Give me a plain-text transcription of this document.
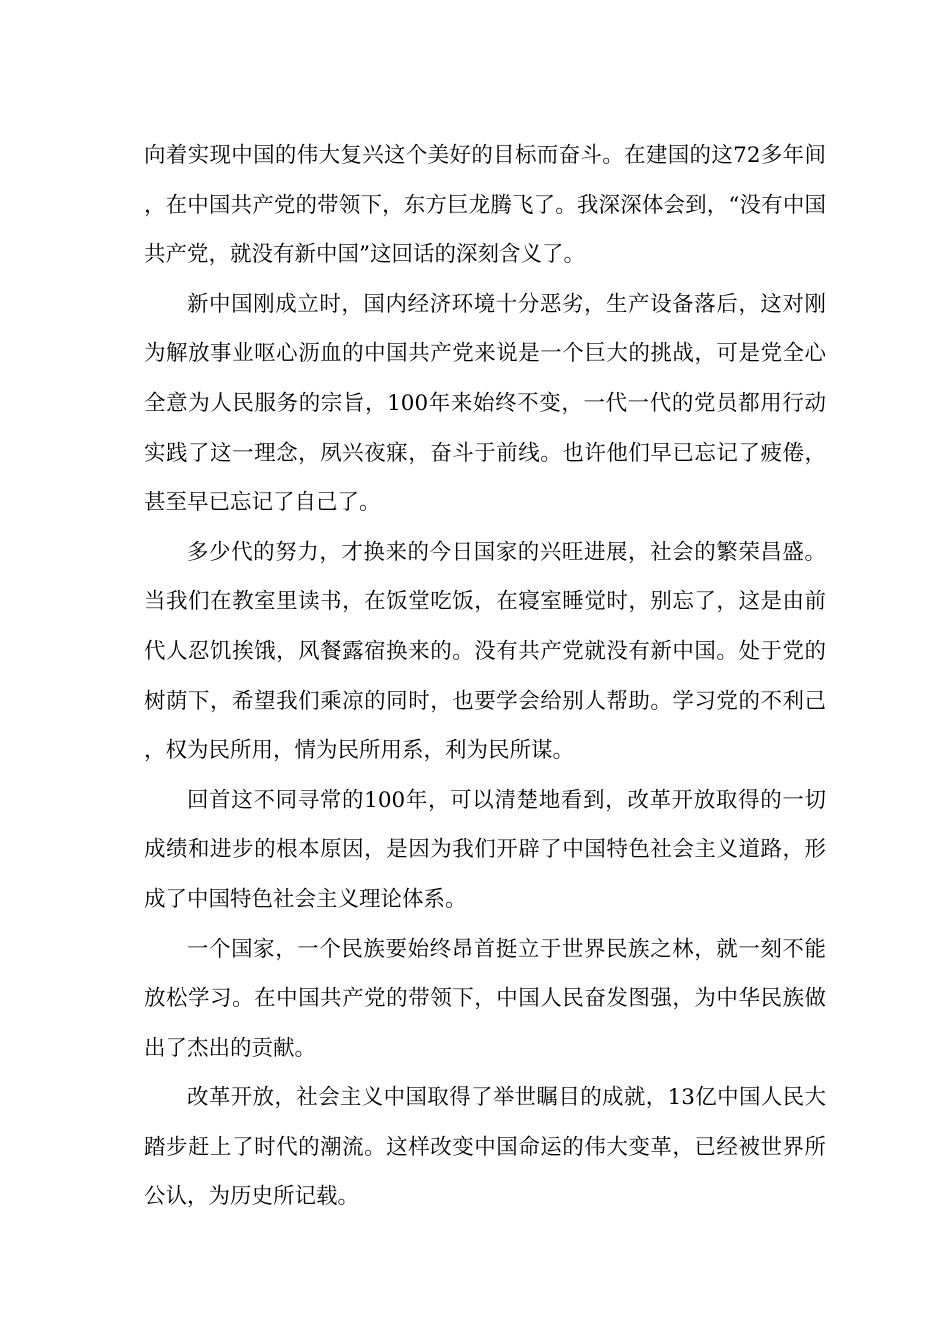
向着实现中国的伟大复兴这个美好的目标而奋斗。在建国的这72多年间，在中国共产党的带领下，东方巨龙腾飞了。我深深体会到，“没有中国共产党，就没有新中国”这回话的深刻含义了。

新中国刚成立时，国内经济环境十分恶劣，生产设备落后，这对刚为解放事业呕心沥血的中国共产党来说是一个巨大的挑战，可是党全心全意为人民服务的宗旨，100年来始终不变，一代一代的党员都用行动实践了这一理念，夙兴夜寐，奋斗于前线。也许他们早已忘记了疲倦，甚至早已忘记了自己了。

多少代的努力，才换来的今日国家的兴旺进展，社会的繁荣昌盛。当我们在教室里读书，在饭堂吃饭，在寝室睡觉时，别忘了，这是由前代人忍饥挨饿，风餐露宿换来的。没有共产党就没有新中国。处于党的树荫下，希望我们乘凉的同时，也要学会给别人帮助。学习党的不利己，权为民所用，情为民所用系，利为民所谋。

回首这不同寻常的100年，可以清楚地看到，改革开放取得的一切成绩和进步的根本原因，是因为我们开辟了中国特色社会主义道路，形成了中国特色社会主义理论体系。

一个国家，一个民族要始终昂首挺立于世界民族之林，就一刻不能放松学习。在中国共产党的带领下，中国人民奋发图强，为中华民族做出了杰出的贡献。

改革开放，社会主义中国取得了举世瞩目的成就，13亿中国人民大踏步赶上了时代的潮流。这样改变中国命运的伟大变革，已经被世界所公认，为历史所记载。
